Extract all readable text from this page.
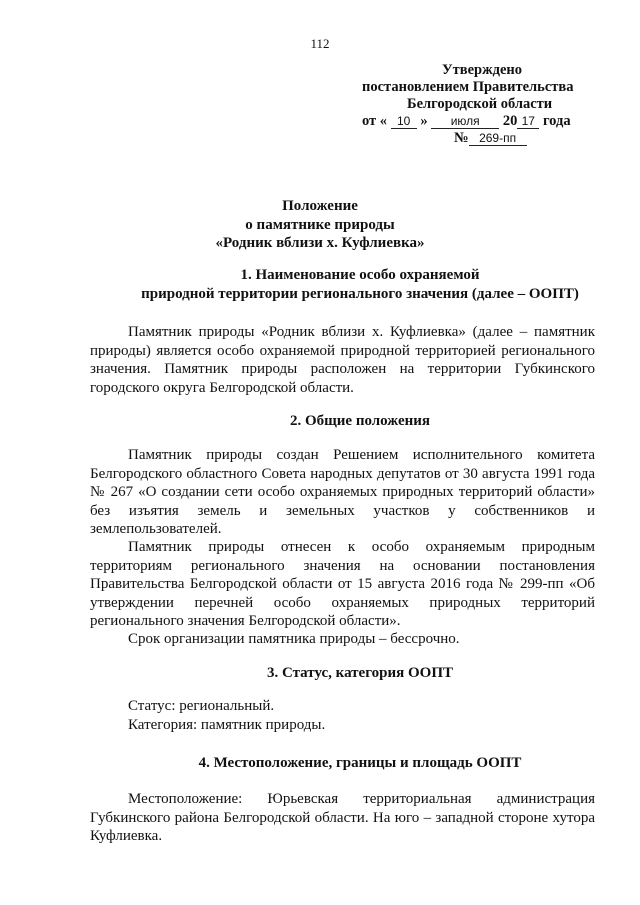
112
Утверждено
постановлением Правительства
Белгородской области
от « 10 » июля 20 17 года
№ 269-пп
Положение
о памятнике природы
«Родник вблизи х. Куфлиевка»
1. Наименование особо охраняемой
природной территории регионального значения (далее – ООПТ)
Памятник природы «Родник вблизи х. Куфлиевка» (далее – памятник природы) является особо охраняемой природной территорией регионального значения. Памятник природы расположен на территории Губкинского городского округа Белгородской области.
2. Общие положения
Памятник природы создан Решением исполнительного комитета Белгородского областного Совета народных депутатов от 30 августа 1991 года № 267 «О создании сети особо охраняемых природных территорий области» без изъятия земель и земельных участков у собственников и землепользователей.
Памятник природы отнесен к особо охраняемым природным территориям регионального значения на основании постановления Правительства Белгородской области от 15 августа 2016 года № 299-пп «Об утверждении перечней особо охраняемых природных территорий регионального значения Белгородской области».
Срок организации памятника природы – бессрочно.
3. Статус, категория ООПТ
Статус: региональный.
Категория: памятник природы.
4. Местоположение, границы и площадь ООПТ
Местоположение: Юрьевская территориальная администрация Губкинского района Белгородской области. На юго – западной стороне хутора Куфлиевка.
